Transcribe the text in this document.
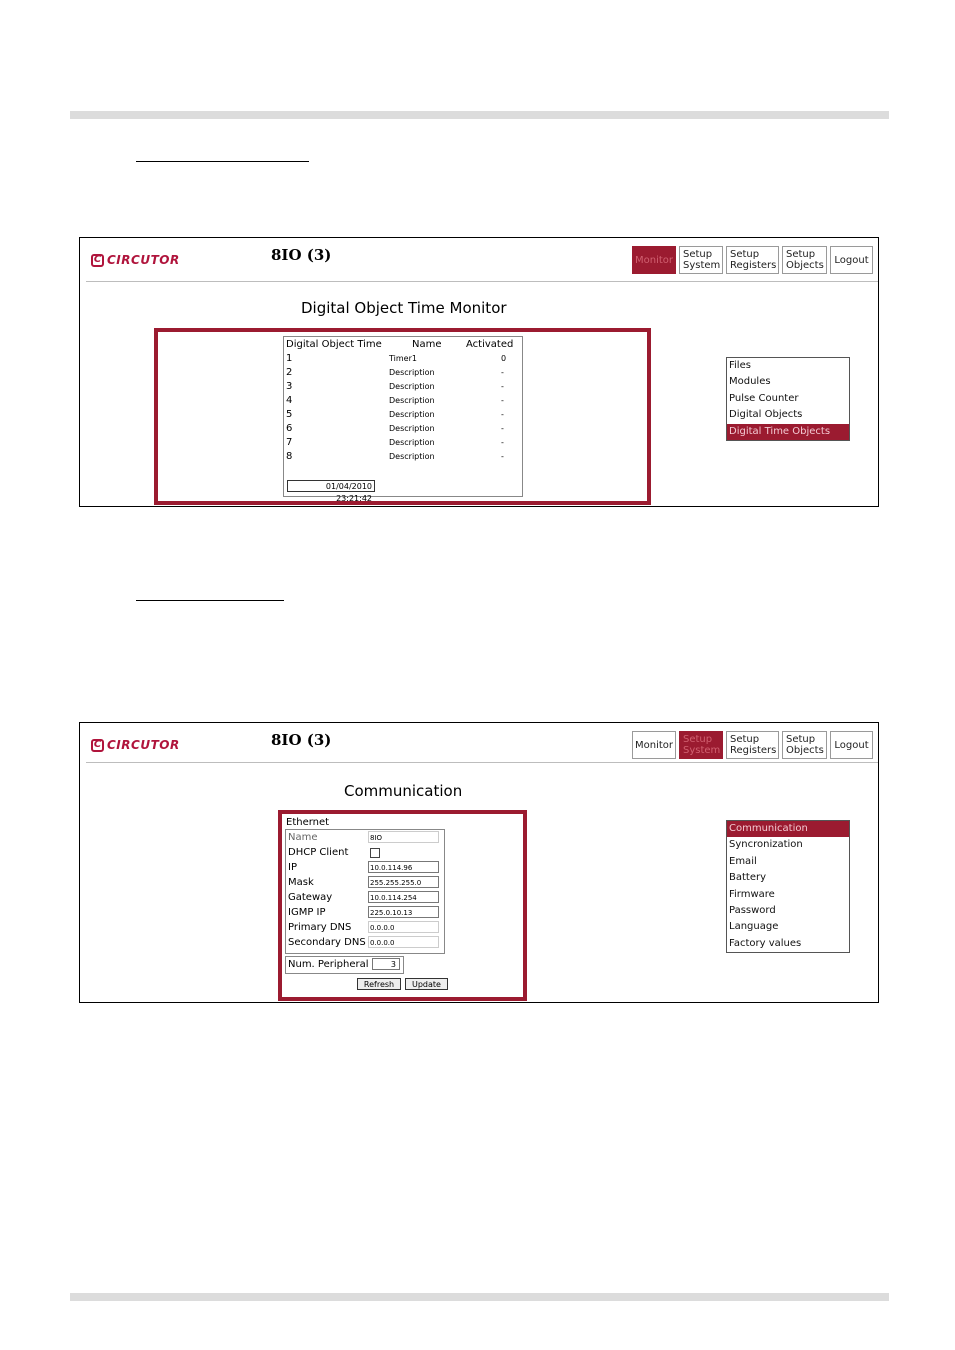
C CIRCUTOR	8IO (3)	Monitor Setup
System
Setup
Registers
Setup
Objects Logout
Digital Object Time Monitor
Digital Object Time	Name Activated
1	Timer1	0
2	Description	-
3	Description	-
4	Description	-
5	Description	-
6	Description	-
7	Description	-
8	Description	-
01/04/2010 23:21:42
Files
Modules
Pulse Counter
Digital Objects
Digital Time Objects
C CIRCUTOR	8IO (3)	Monitor Setup
System
Setup
Registers
Setup
Objects Logout
Communication
Ethernet
Name	8IO
DHCP Client
IP	10.0.114.96
Mask	255.255.255.0
Gateway	10.0.114.254
IGMP IP	225.0.10.13
Primary DNS	0.0.0.0
Secondary DNS 0.0.0.0
Num. Peripheral	3
Refresh	Update
Communication
Syncronization
Email
Battery
Firmware
Password
Language
Factory values
